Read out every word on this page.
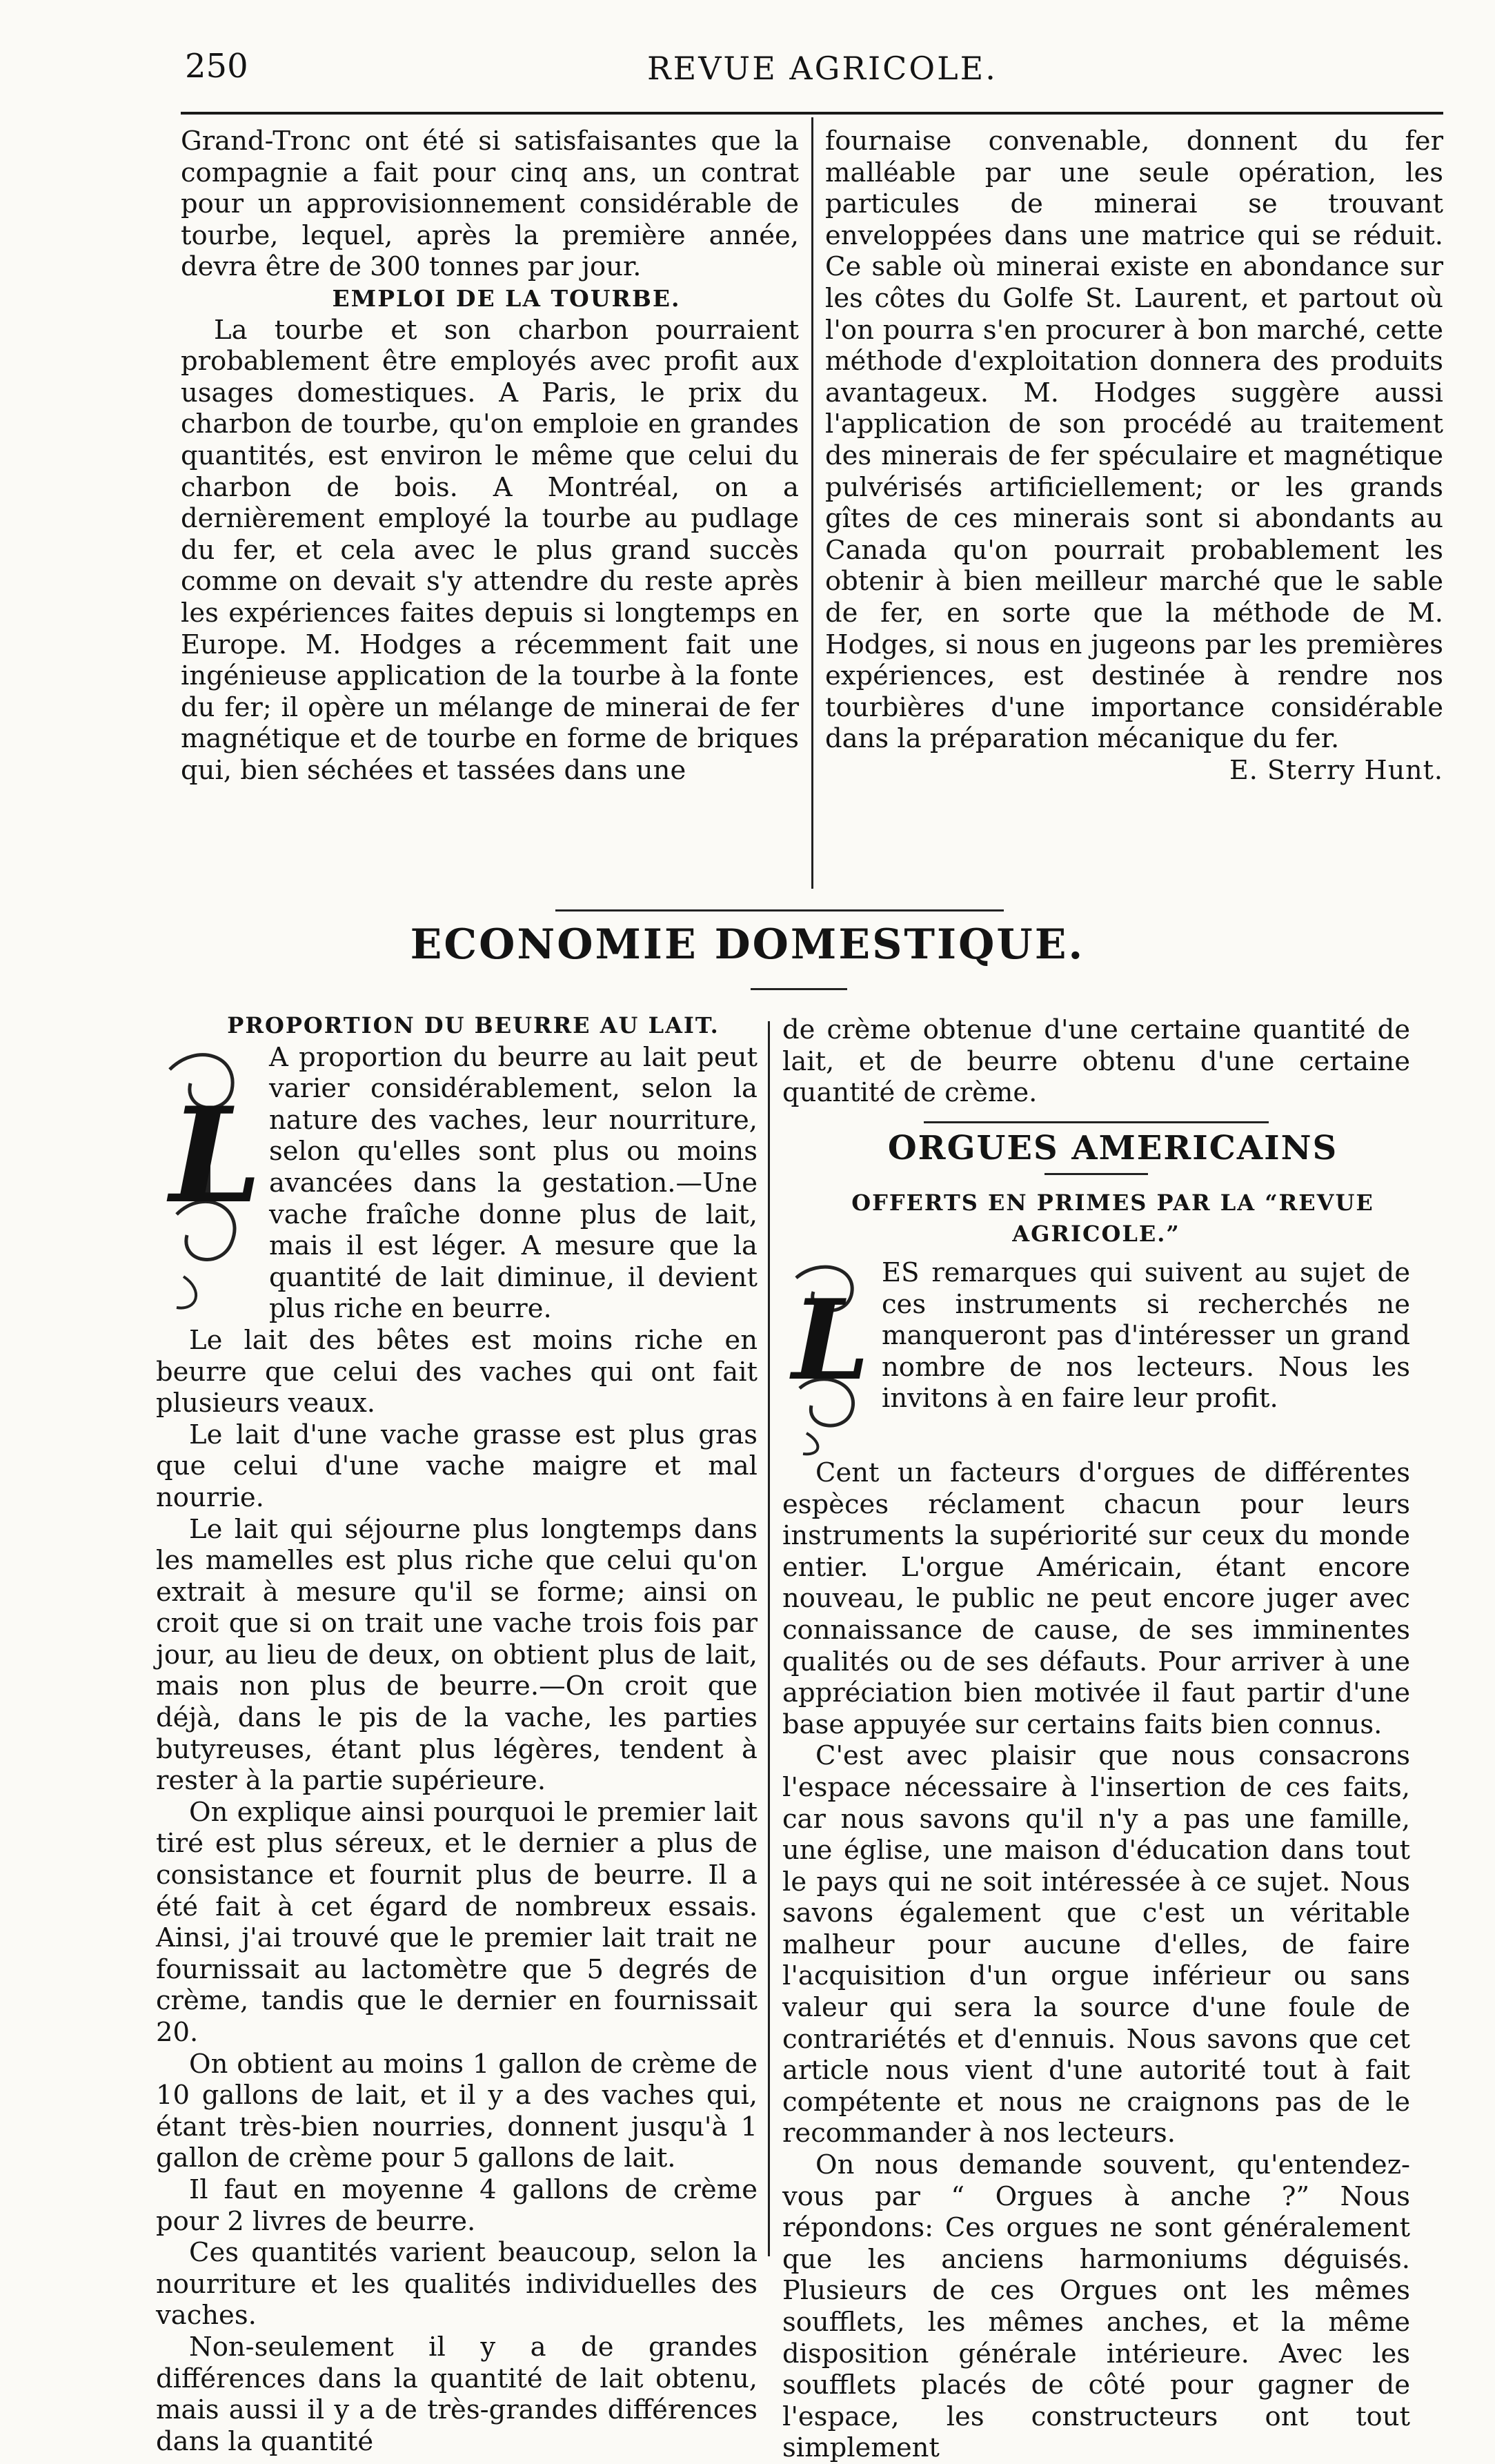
250	REVUE AGRICOLE.

Grand-Tronc ont été si satisfaisantes que la compagnie a fait pour cinq ans, un contrat pour un approvisionnement considérable de tourbe, lequel, après la première année, devra être de 300 tonnes par jour.

EMPLOI DE LA TOURBE.

La tourbe et son charbon pourraient probablement être employés avec profit aux usages domestiques. A Paris, le prix du charbon de tourbe, qu'on emploie en grandes quantités, est environ le même que celui du charbon de bois. A Montréal, on a dernièrement employé la tourbe au pudlage du fer, et cela avec le plus grand succès comme on devait s'y attendre du reste après les expériences faites depuis si longtemps en Europe. M. Hodges a récemment fait une ingénieuse application de la tourbe à la fonte du fer; il opère un mélange de minerai de fer magnétique et de tourbe en forme de briques qui, bien séchées et tassées dans une

fournaise convenable, donnent du fer malléable par une seule opération, les particules de minerai se trouvant enveloppées dans une matrice qui se réduit. Ce sable où minerai existe en abondance sur les côtes du Golfe St. Laurent, et partout où l'on pourra s'en procurer à bon marché, cette méthode d'exploitation donnera des produits avantageux. M. Hodges suggère aussi l'application de son procédé au traitement des minerais de fer spéculaire et magnétique pulvérisés artificiellement; or les grands gîtes de ces minerais sont si abondants au Canada qu'on pourrait probablement les obtenir à bien meilleur marché que le sable de fer, en sorte que la méthode de M. Hodges, si nous en jugeons par les premières expériences, est destinée à rendre nos tourbières d'une importance considérable dans la préparation mécanique du fer.

E. Sterry Hunt.
ECONOMIE DOMESTIQUE.

PROPORTION DU BEURRE AU LAIT.

L

A proportion du beurre au lait peut varier considérablement, selon la nature des vaches, leur nourriture, selon qu'elles sont plus ou moins avancées dans la gestation.—Une vache fraîche donne plus de lait, mais il est léger. A mesure que la quantité de lait diminue, il devient plus riche en beurre.

Le lait des bêtes est moins riche en beurre que celui des vaches qui ont fait plusieurs veaux.

Le lait d'une vache grasse est plus gras que celui d'une vache maigre et mal nourrie.

Le lait qui séjourne plus longtemps dans les mamelles est plus riche que celui qu'on extrait à mesure qu'il se forme; ainsi on croit que si on trait une vache trois fois par jour, au lieu de deux, on obtient plus de lait, mais non plus de beurre.—On croit que déjà, dans le pis de la vache, les parties butyreuses, étant plus légères, tendent à rester à la partie supérieure.

On explique ainsi pourquoi le premier lait tiré est plus séreux, et le dernier a plus de consistance et fournit plus de beurre. Il a été fait à cet égard de nombreux essais. Ainsi, j'ai trouvé que le premier lait trait ne fournissait au lactomètre que 5 degrés de crème, tandis que le dernier en fournissait 20.

On obtient au moins 1 gallon de crème de 10 gallons de lait, et il y a des vaches qui, étant très-bien nourries, donnent jusqu'à 1 gallon de crème pour 5 gallons de lait.

Il faut en moyenne 4 gallons de crème pour 2 livres de beurre.

Ces quantités varient beaucoup, selon la nourriture et les qualités individuelles des vaches.

Non-seulement il y a de grandes différences dans la quantité de lait obtenu, mais aussi il y a de très-grandes différences dans la quantité

de crème obtenue d'une certaine quantité de lait, et de beurre obtenu d'une certaine quantité de crème.

ORGUES AMERICAINS

OFFERTS EN PRIMES PAR LA “REVUE AGRICOLE.”

L

ES remarques qui suivent au sujet de ces instruments si recherchés ne manqueront pas d'intéresser un grand nombre de nos lecteurs. Nous les invitons à en faire leur profit.

Cent un facteurs d'orgues de différentes espèces réclament chacun pour leurs instruments la supériorité sur ceux du monde entier. L'orgue Américain, étant encore nouveau, le public ne peut encore juger avec connaissance de cause, de ses imminentes qualités ou de ses défauts. Pour arriver à une appréciation bien motivée il faut partir d'une base appuyée sur certains faits bien connus.

C'est avec plaisir que nous consacrons l'espace nécessaire à l'insertion de ces faits, car nous savons qu'il n'y a pas une famille, une église, une maison d'éducation dans tout le pays qui ne soit intéressée à ce sujet. Nous savons également que c'est un véritable malheur pour aucune d'elles, de faire l'acquisition d'un orgue inférieur ou sans valeur qui sera la source d'une foule de contrariétés et d'ennuis. Nous savons que cet article nous vient d'une autorité tout à fait compétente et nous ne craignons pas de le recommander à nos lecteurs.

On nous demande souvent, qu'entendez-vous par “ Orgues à anche ?” Nous répondons: Ces orgues ne sont généralement que les anciens harmoniums déguisés. Plusieurs de ces Orgues ont les mêmes soufflets, les mêmes anches, et la même disposition générale intérieure. Avec les soufflets placés de côté pour gagner de l'espace, les constructeurs ont tout simplement
